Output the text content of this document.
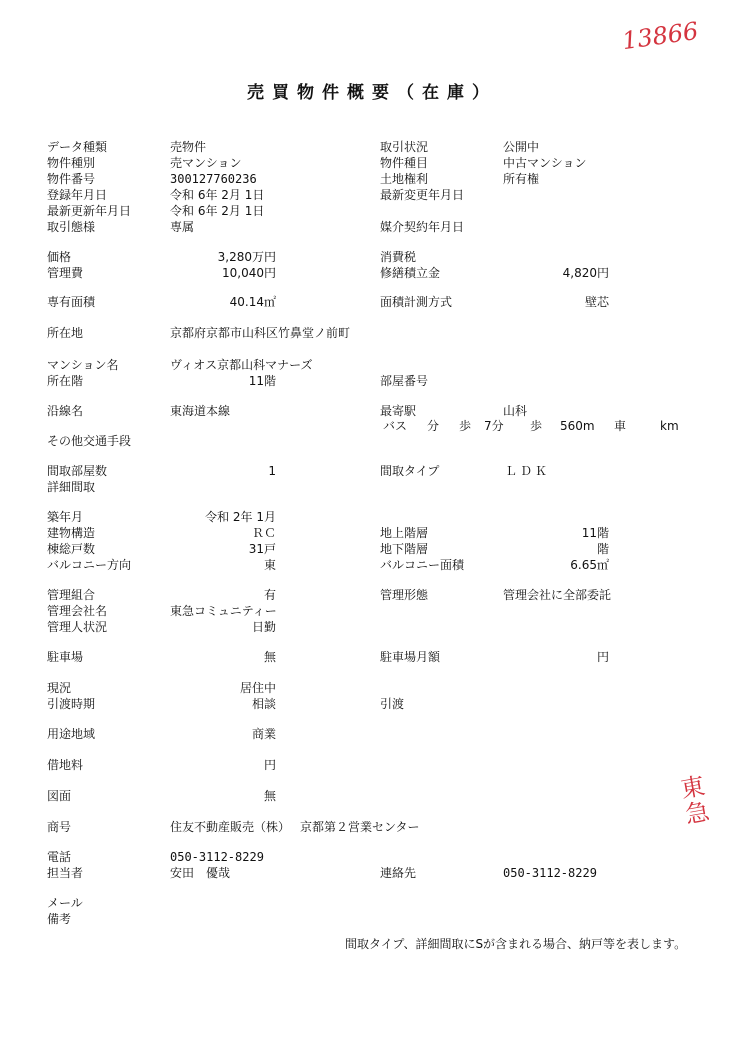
13866
売買物件概要（在庫）
データ種類	売物件
物件種別	売マンション
物件番号	300127760236
登録年月日	令和 6年 2月 1日
最新更新年月日	令和 6年 2月 1日
取引態様	専属
価格	3,280万円
管理費	10,040円
専有面積	40.14㎡
所在地	京都府京都市山科区竹鼻堂ノ前町
マンション名	ヴィオス京都山科マナーズ
所在階	11階
沿線名	東海道本線
その他交通手段
間取部屋数	1
詳細間取
築年月	令和 2年 1月
建物構造	ＲＣ
棟総戸数	31戸
バルコニー方向	東
管理組合	有
管理会社名	東急コミュニティー
管理人状況	日勤
駐車場	無
現況	居住中
引渡時期	相談
用途地域	商業
借地料	円
図面	無
商号	住友不動産販売（株） 京都第２営業センター
電話	050-3112-8229
担当者	安田　優哉
メール
備考
取引状況	公開中
物件種目	中古マンション
土地権利	所有権
最新変更年月日
媒介契約年月日
消費税
修繕積立金	4,820円
面積計測方式	壁芯
部屋番号
最寄駅	山科
バス 分 歩 7分 歩 560m 車	km
間取タイプ	ＬＤＫ
地上階層	11階
地下階層	階
バルコニー面積	6.65㎡
管理形態	管理会社に全部委託
駐車場月額	円
引渡
連絡先	050-3112-8229
東急
間取タイプ、詳細間取にSが含まれる場合、納戸等を表します。
